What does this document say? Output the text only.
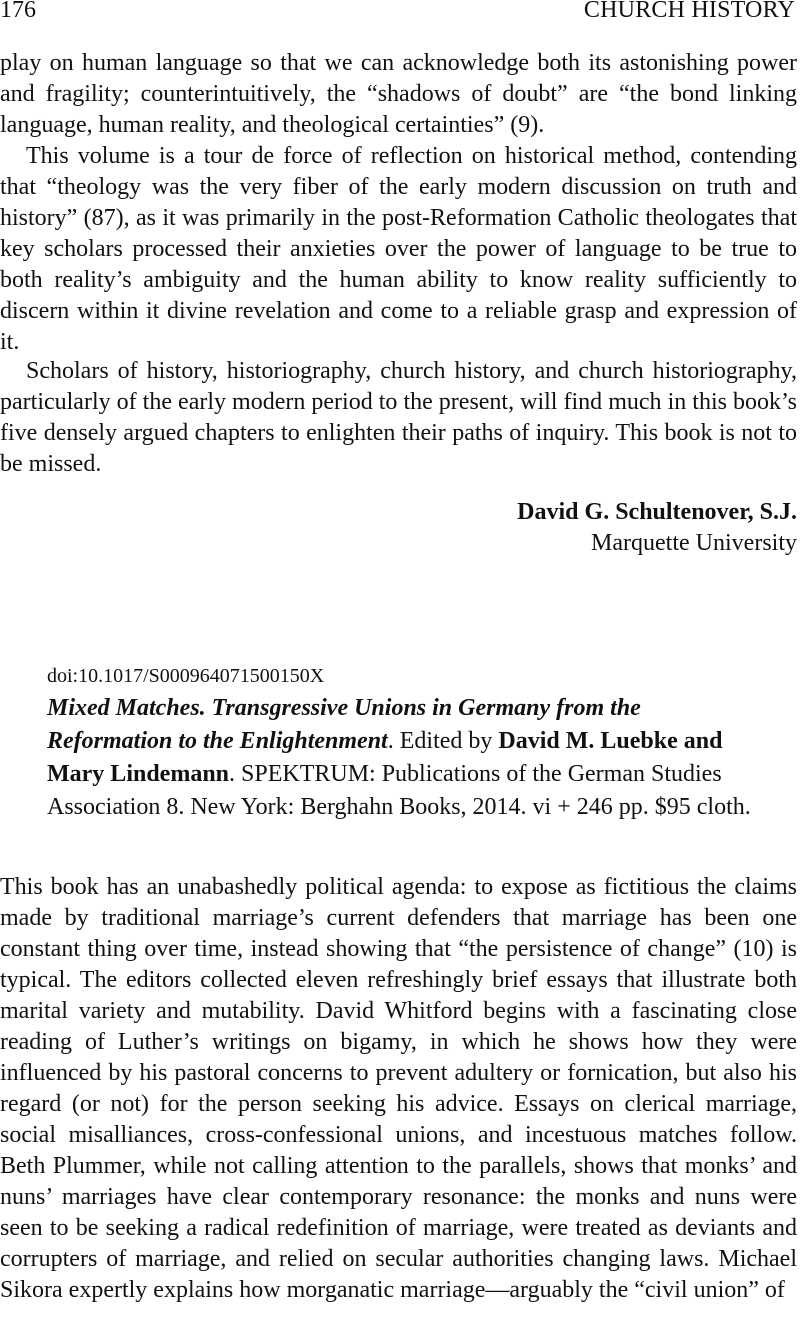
176	CHURCH HISTORY

play on human language so that we can acknowledge both its astonishing power and fragility; counterintuitively, the “shadows of doubt” are “the bond linking language, human reality, and theological certainties” (9).

This volume is a tour de force of reflection on historical method, contending that “theology was the very fiber of the early modern discussion on truth and history” (87), as it was primarily in the post-Reformation Catholic theologates that key scholars processed their anxieties over the power of language to be true to both reality’s ambiguity and the human ability to know reality sufficiently to discern within it divine revelation and come to a reliable grasp and expression of it.

Scholars of history, historiography, church history, and church historiography, particularly of the early modern period to the present, will find much in this book’s five densely argued chapters to enlighten their paths of inquiry. This book is not to be missed.

David G. Schultenover, S.J.
Marquette University
doi:10.1017/S000964071500150X

Mixed Matches. Transgressive Unions in Germany from the Reformation to the Enlightenment. Edited by David M. Luebke and Mary Lindemann. SPEKTRUM: Publications of the German Studies Association 8. New York: Berghahn Books, 2014. vi + 246 pp. $95 cloth.

This book has an unabashedly political agenda: to expose as fictitious the claims made by traditional marriage’s current defenders that marriage has been one constant thing over time, instead showing that “the persistence of change” (10) is typical. The editors collected eleven refreshingly brief essays that illustrate both marital variety and mutability. David Whitford begins with a fascinating close reading of Luther’s writings on bigamy, in which he shows how they were influenced by his pastoral concerns to prevent adultery or fornication, but also his regard (or not) for the person seeking his advice. Essays on clerical marriage, social misalliances, cross-confessional unions, and incestuous matches follow. Beth Plummer, while not calling attention to the parallels, shows that monks’ and nuns’ marriages have clear contemporary resonance: the monks and nuns were seen to be seeking a radical redefinition of marriage, were treated as deviants and corrupters of marriage, and relied on secular authorities changing laws. Michael Sikora expertly explains how morganatic marriage—arguably the “civil union” of
